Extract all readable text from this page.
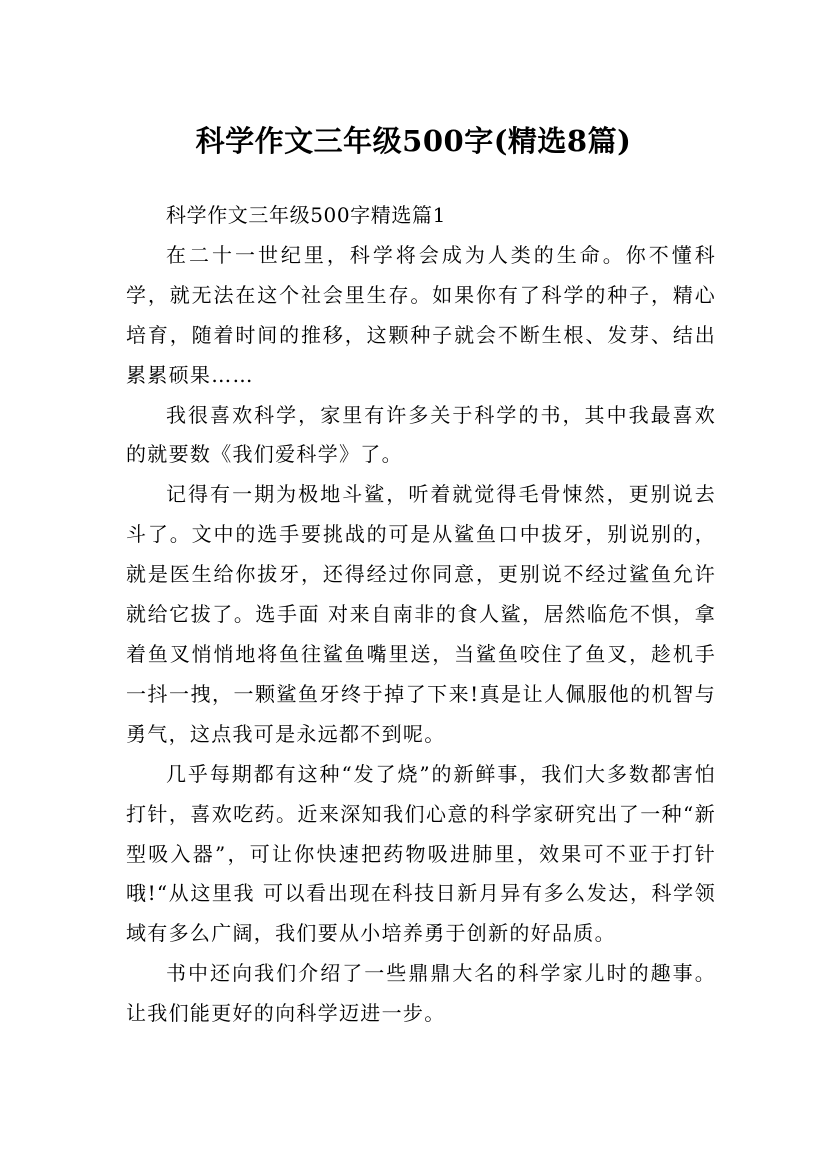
科学作文三年级500字(精选8篇)

科学作文三年级500字精选篇1

在二十一世纪里，科学将会成为人类的生命。你不懂科学，就无法在这个社会里生存。如果你有了科学的种子，精心培育，随着时间的推移，这颗种子就会不断生根、发芽、结出累累硕果……

我很喜欢科学，家里有许多关于科学的书，其中我最喜欢的就要数《我们爱科学》了。

记得有一期为极地斗鲨，听着就觉得毛骨悚然，更别说去斗了。文中的选手要挑战的可是从鲨鱼口中拔牙，别说别的，就是医生给你拔牙，还得经过你同意，更别说不经过鲨鱼允许就给它拔了。选手面 对来自南非的食人鲨，居然临危不惧，拿着鱼叉悄悄地将鱼往鲨鱼嘴里送，当鲨鱼咬住了鱼叉，趁机手一抖一拽，一颗鲨鱼牙终于掉了下来!真是让人佩服他的机智与勇气，这点我可是永远都不到呢。

几乎每期都有这种“发了烧”的新鲜事，我们大多数都害怕打针，喜欢吃药。近来深知我们心意的科学家研究出了一种“新型吸入器”，可让你快速把药物吸进肺里，效果可不亚于打针哦!“从这里我 可以看出现在科技日新月异有多么发达，科学领域有多么广阔，我们要从小培养勇于创新的好品质。

书中还向我们介绍了一些鼎鼎大名的科学家儿时的趣事。让我们能更好的向科学迈进一步。
